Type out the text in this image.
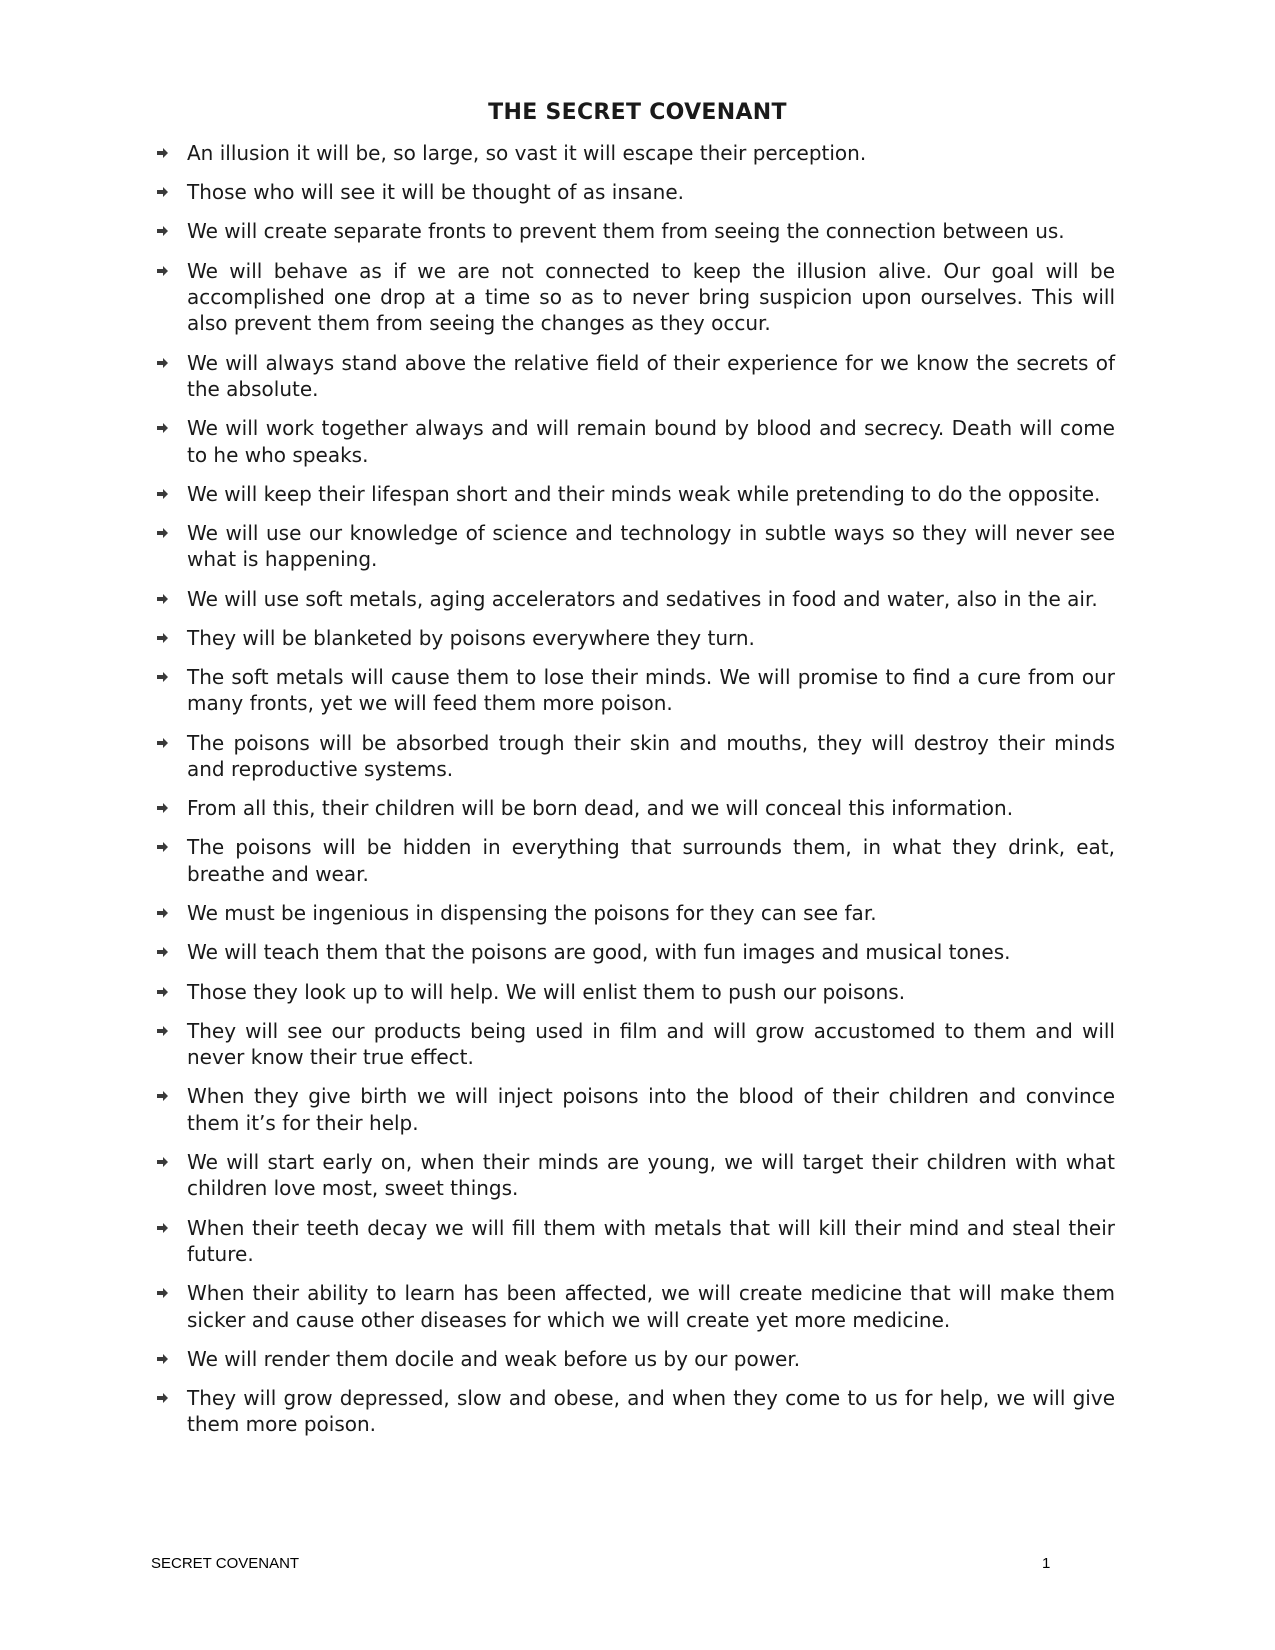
THE SECRET COVENANT
An illusion it will be, so large, so vast it will escape their perception.
Those who will see it will be thought of as insane.
We will create separate fronts to prevent them from seeing the connection between us.
We will behave as if we are not connected to keep the illusion alive. Our goal will be accomplished one drop at a time so as to never bring suspicion upon ourselves. This will also prevent them from seeing the changes as they occur.
We will always stand above the relative field of their experience for we know the secrets of the absolute.
We will work together always and will remain bound by blood and secrecy. Death will come to he who speaks.
We will keep their lifespan short and their minds weak while pretending to do the opposite.
We will use our knowledge of science and technology in subtle ways so they will never see what is happening.
We will use soft metals, aging accelerators and sedatives in food and water, also in the air.
They will be blanketed by poisons everywhere they turn.
The soft metals will cause them to lose their minds. We will promise to find a cure from our many fronts, yet we will feed them more poison.
The poisons will be absorbed trough their skin and mouths, they will destroy their minds and reproductive systems.
From all this, their children will be born dead, and we will conceal this information.
The poisons will be hidden in everything that surrounds them, in what they drink, eat, breathe and wear.
We must be ingenious in dispensing the poisons for they can see far.
We will teach them that the poisons are good, with fun images and musical tones.
Those they look up to will help. We will enlist them to push our poisons.
They will see our products being used in film and will grow accustomed to them and will never know their true effect.
When they give birth we will inject poisons into the blood of their children and convince them it’s for their help.
We will start early on, when their minds are young, we will target their children with what children love most, sweet things.
When their teeth decay we will fill them with metals that will kill their mind and steal their future.
When their ability to learn has been affected, we will create medicine that will make them sicker and cause other diseases for which we will create yet more medicine.
We will render them docile and weak before us by our power.
They will grow depressed, slow and obese, and when they come to us for help, we will give them more poison.
SECRET COVENANT	1
